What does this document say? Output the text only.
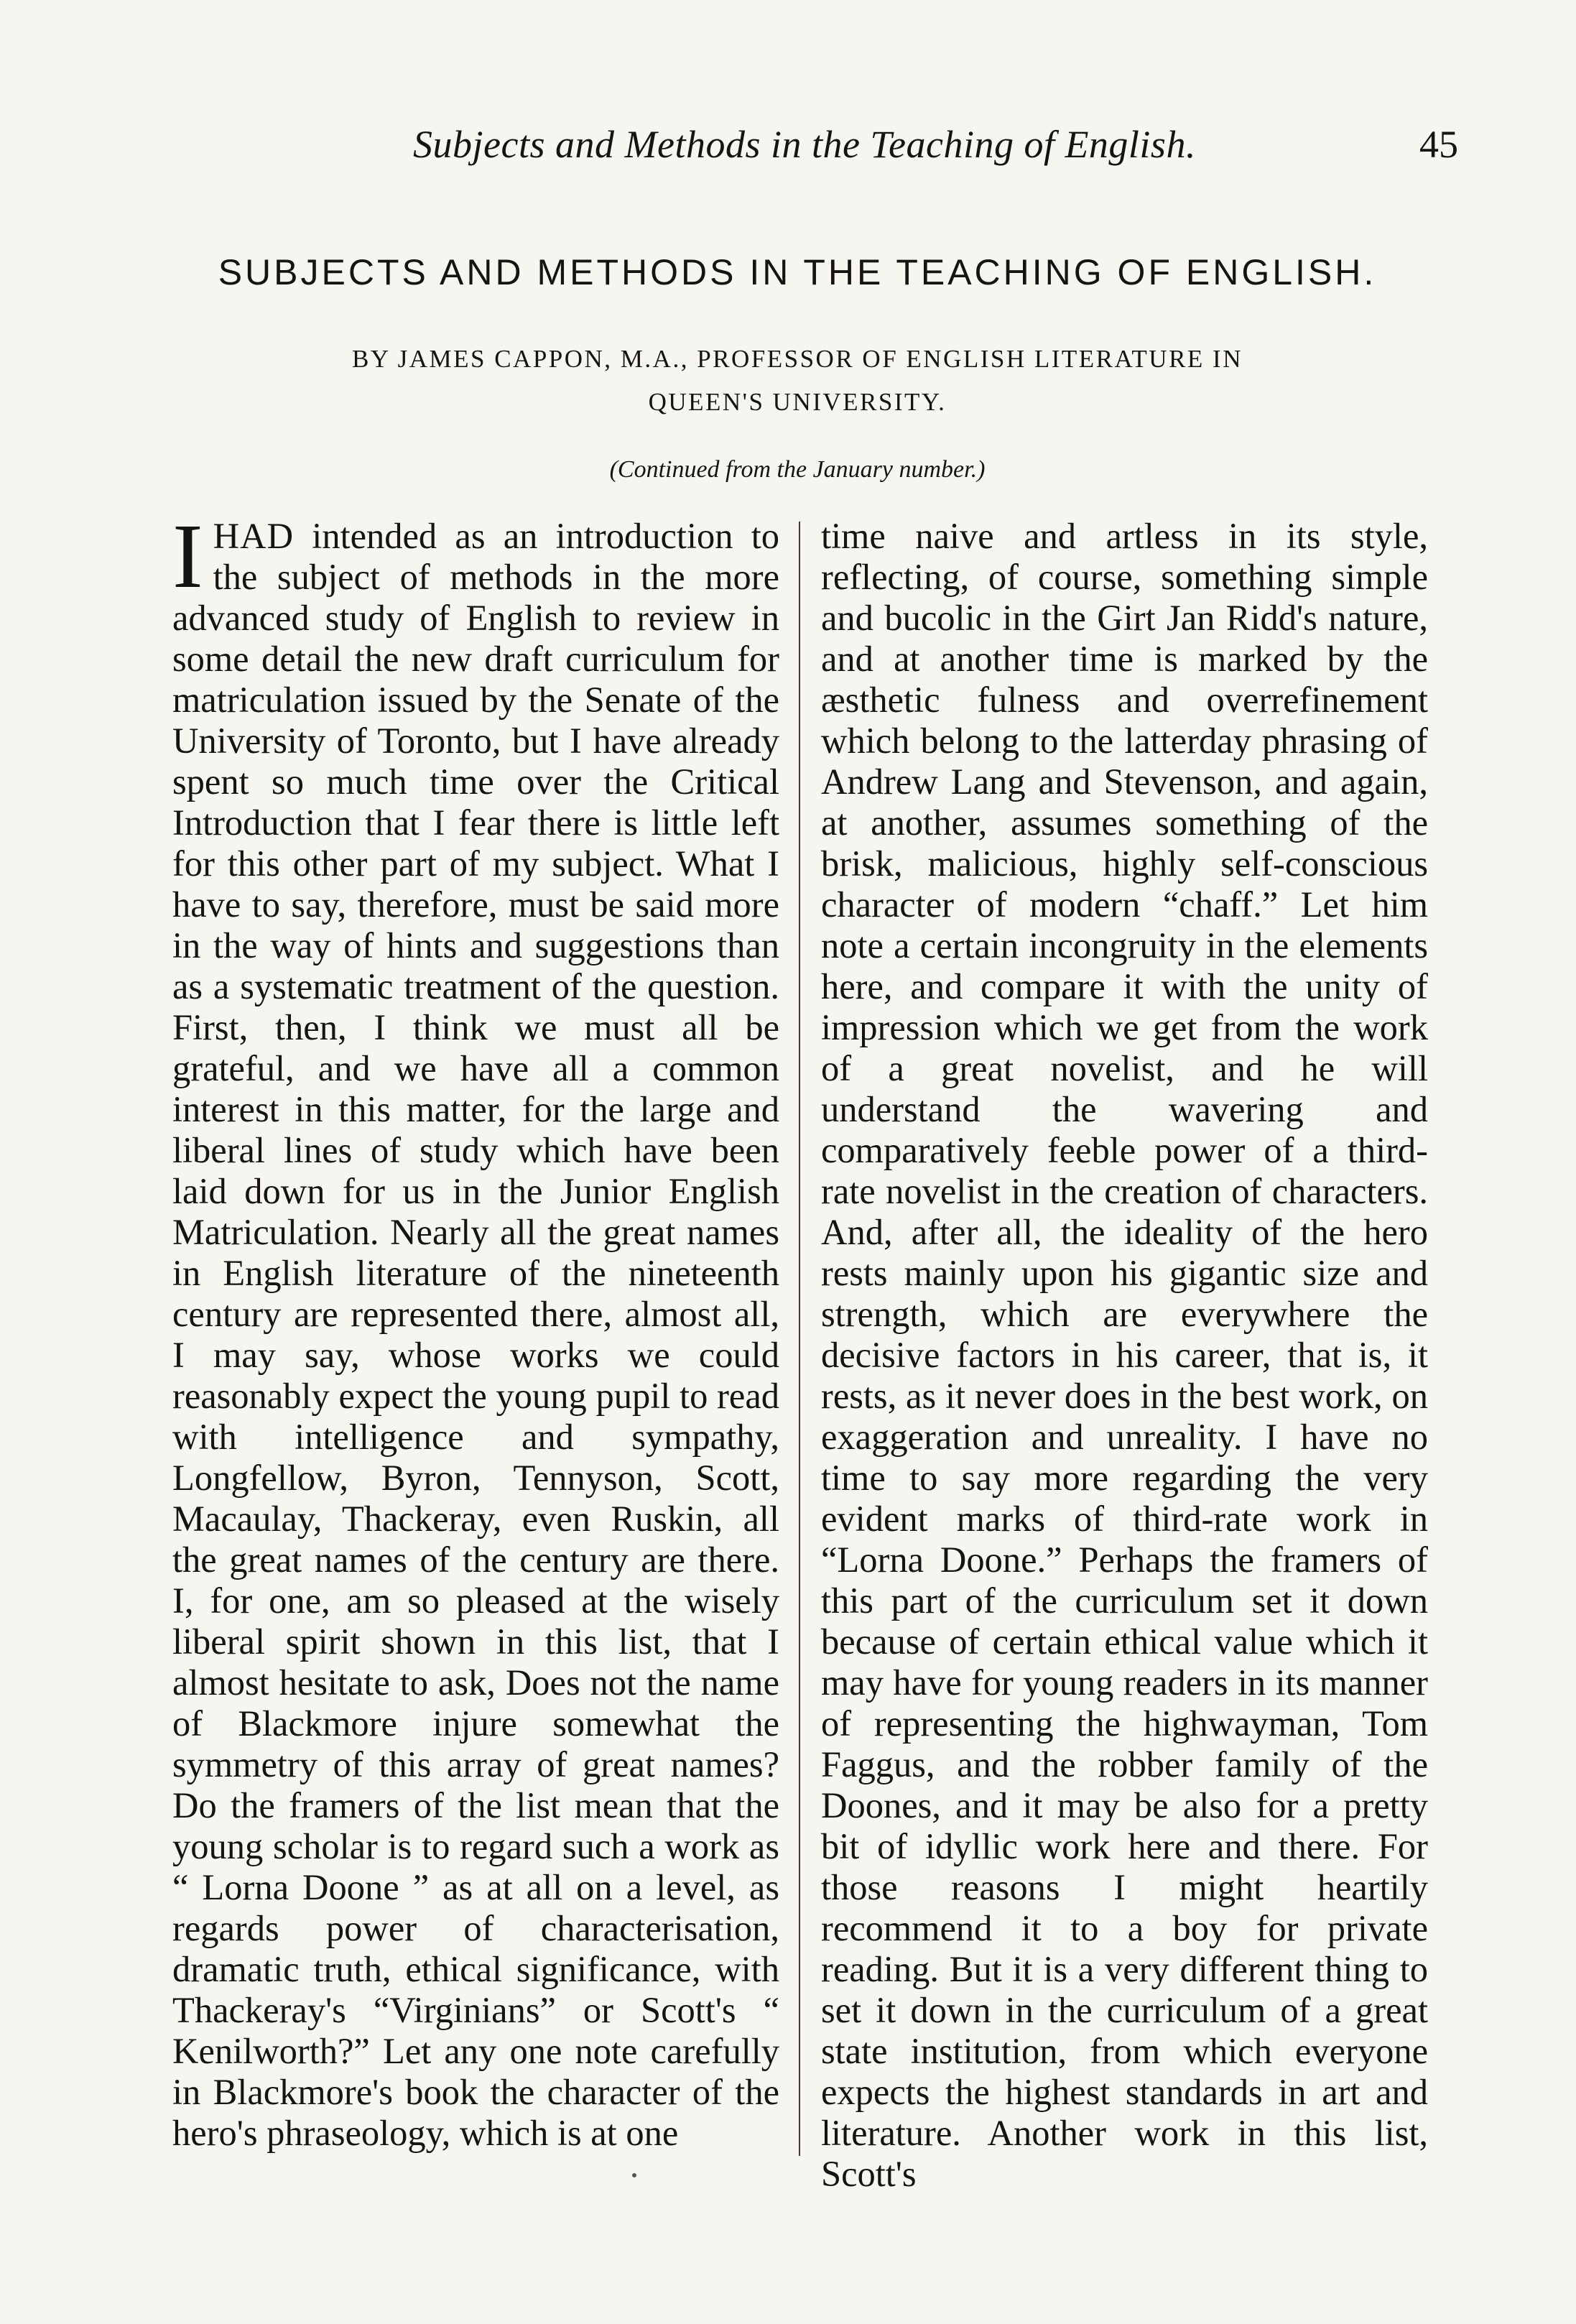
Subjects and Methods in the Teaching of English.	45
SUBJECTS AND METHODS IN THE TEACHING OF ENGLISH.
BY JAMES CAPPON, M.A., PROFESSOR OF ENGLISH LITERATURE IN
QUEEN'S UNIVERSITY.
(Continued from the January number.)

IHAD intended as an introduction to the subject of methods in the more advanced study of English to review in some detail the new draft curriculum for matriculation issued by the Senate of the University of Toronto, but I have already spent so much time over the Critical Introduction that I fear there is little left for this other part of my subject. What I have to say, therefore, must be said more in the way of hints and suggestions than as a systematic treatment of the question. First, then, I think we must all be grateful, and we have all a common interest in this matter, for the large and liberal lines of study which have been laid down for us in the Junior English Matriculation. Nearly all the great names in English literature of the nineteenth century are represented there, almost all, I may say, whose works we could reasonably expect the young pupil to read with intelligence and sympathy, Longfellow, Byron, Tennyson, Scott, Macaulay, Thackeray, even Ruskin, all the great names of the century are there. I, for one, am so pleased at the wisely liberal spirit shown in this list, that I almost hesitate to ask, Does not the name of Blackmore injure somewhat the symmetry of this array of great names? Do the framers of the list mean that the young scholar is to regard such a work as “ Lorna Doone ” as at all on a level, as regards power of characterisation, dramatic truth, ethical significance, with Thackeray's “Virginians” or Scott's “ Kenilworth?” Let any one note carefully in Blackmore's book the character of the hero's phraseology, which is at one

time naive and artless in its style, reflecting, of course, something simple and bucolic in the Girt Jan Ridd's nature, and at another time is marked by the æsthetic fulness and overrefinement which belong to the latterday phrasing of Andrew Lang and Stevenson, and again, at another, assumes something of the brisk, malicious, highly self-conscious character of modern “chaff.” Let him note a certain incongruity in the elements here, and compare it with the unity of impression which we get from the work of a great novelist, and he will understand the wavering and comparatively feeble power of a third-rate novelist in the creation of characters. And, after all, the ideality of the hero rests mainly upon his gigantic size and strength, which are everywhere the decisive factors in his career, that is, it rests, as it never does in the best work, on exaggeration and unreality. I have no time to say more regarding the very evident marks of third-rate work in “Lorna Doone.” Perhaps the framers of this part of the curriculum set it down because of certain ethical value which it may have for young readers in its manner of representing the highwayman, Tom Faggus, and the robber family of the Doones, and it may be also for a pretty bit of idyllic work here and there. For those reasons I might heartily recommend it to a boy for private reading. But it is a very different thing to set it down in the curriculum of a great state institution, from which everyone expects the highest standards in art and literature. Another work in this list, Scott's
